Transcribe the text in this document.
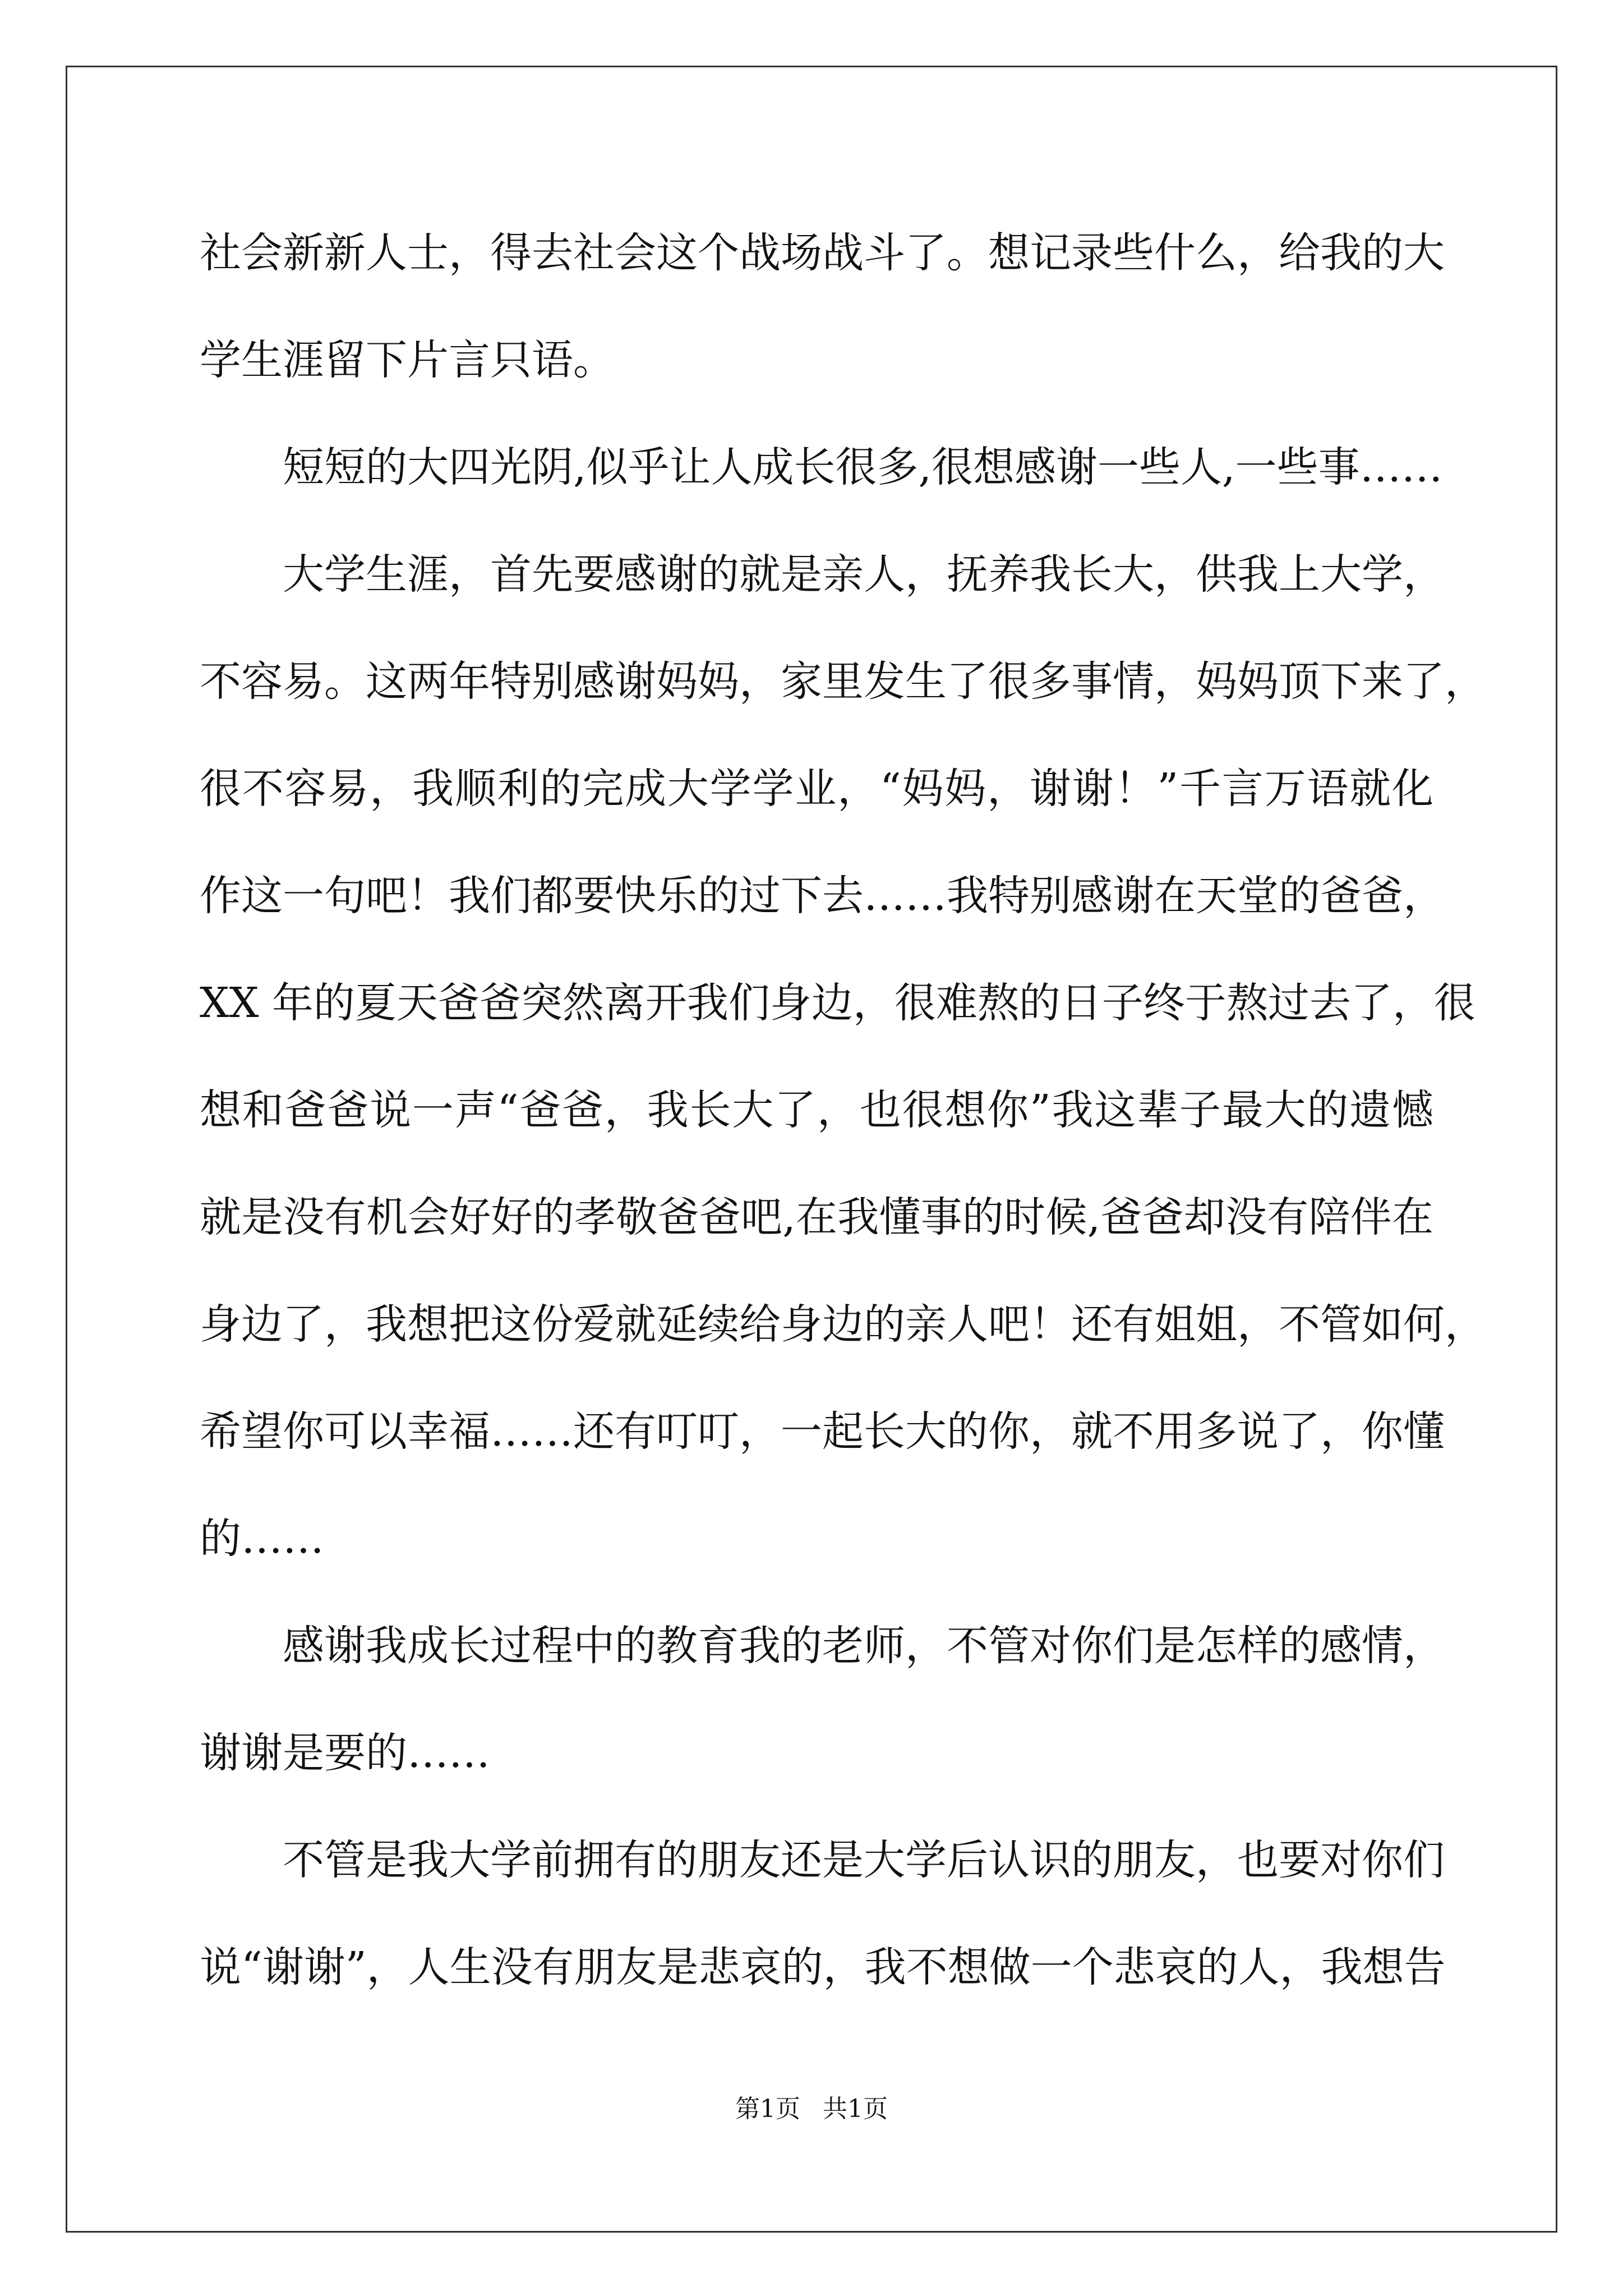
社会新新人士，得去社会这个战场战斗了。想记录些什么，给我的大
学生涯留下片言只语。
短短的大四光阴,似乎让人成长很多,很想感谢一些人,一些事……
大学生涯，首先要感谢的就是亲人，抚养我长大，供我上大学，
不容易。这两年特别感谢妈妈，家里发生了很多事情，妈妈顶下来了，
很不容易，我顺利的完成大学学业，“妈妈，谢谢！”千言万语就化
作这一句吧！我们都要快乐的过下去……我特别感谢在天堂的爸爸，
XX 年的夏天爸爸突然离开我们身边，很难熬的日子终于熬过去了，很
想和爸爸说一声“爸爸，我长大了，也很想你”我这辈子最大的遗憾
就是没有机会好好的孝敬爸爸吧,在我懂事的时候,爸爸却没有陪伴在
身边了，我想把这份爱就延续给身边的亲人吧！还有姐姐，不管如何，
希望你可以幸福……还有叮叮，一起长大的你，就不用多说了，你懂
的……
感谢我成长过程中的教育我的老师，不管对你们是怎样的感情，
谢谢是要的……
不管是我大学前拥有的朋友还是大学后认识的朋友，也要对你们
说“谢谢”，人生没有朋友是悲哀的，我不想做一个悲哀的人，我想告
第1页 共1页
